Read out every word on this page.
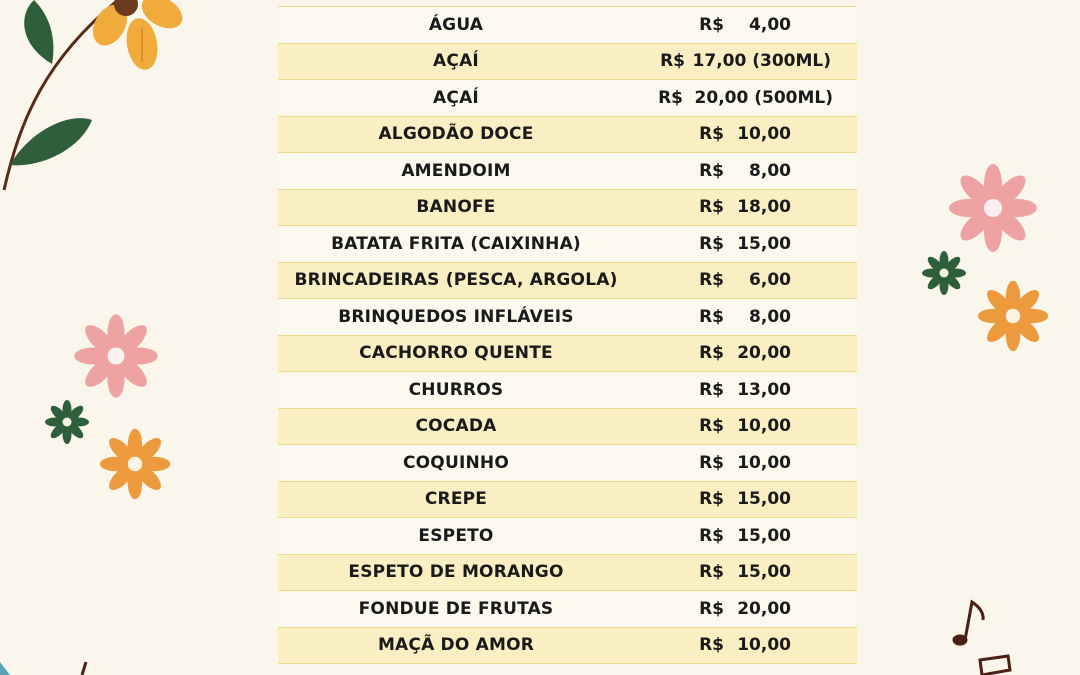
ÁGUA	R$ 4,00
AÇAÍ	R$ 17,00 (300ML)
AÇAÍ	R$ 20,00 (500ML)
ALGODÃO DOCE	R$ 10,00
AMENDOIM	R$ 8,00
BANOFE	R$ 18,00
BATATA FRITA (CAIXINHA)	R$ 15,00
BRINCADEIRAS (PESCA, ARGOLA)	R$ 6,00
BRINQUEDOS INFLÁVEIS	R$ 8,00
CACHORRO QUENTE	R$ 20,00
CHURROS	R$ 13,00
COCADA	R$ 10,00
COQUINHO	R$ 10,00
CREPE	R$ 15,00
ESPETO	R$ 15,00
ESPETO DE MORANGO	R$ 15,00
FONDUE DE FRUTAS	R$ 20,00
MAÇÃ DO AMOR	R$ 10,00
